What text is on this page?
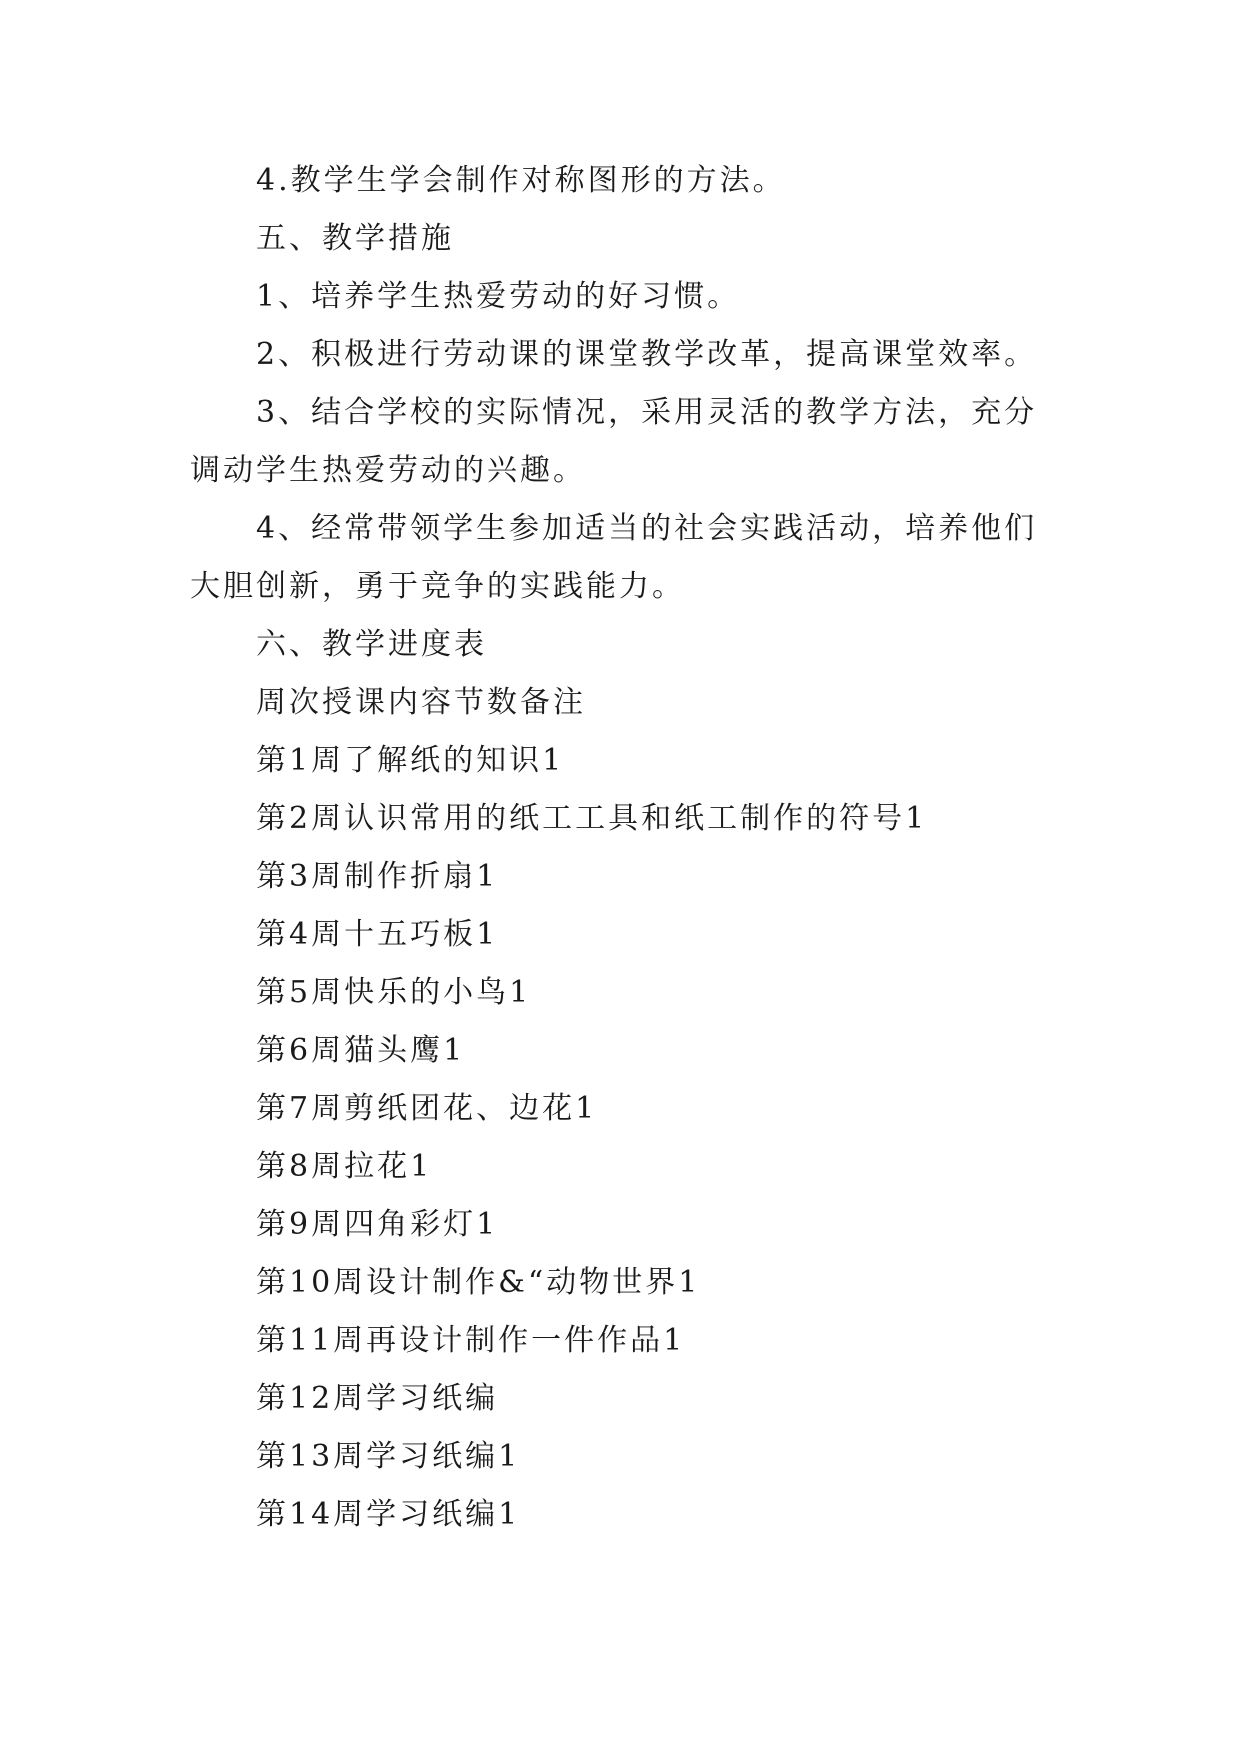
4.教学生学会制作对称图形的方法。

五、教学措施

1、培养学生热爱劳动的好习惯。

2、积极进行劳动课的课堂教学改革，提高课堂效率。

3、结合学校的实际情况，采用灵活的教学方法，充分调动学生热爱劳动的兴趣。

4、经常带领学生参加适当的社会实践活动，培养他们大胆创新，勇于竞争的实践能力。

六、教学进度表

周次授课内容节数备注

第1周了解纸的知识1

第2周认识常用的纸工工具和纸工制作的符号1

第3周制作折扇1

第4周十五巧板1

第5周快乐的小鸟1

第6周猫头鹰1

第7周剪纸团花、边花1

第8周拉花1

第9周四角彩灯1

第10周设计制作&“动物世界1

第11周再设计制作一件作品1

第12周学习纸编

第13周学习纸编1

第14周学习纸编1
